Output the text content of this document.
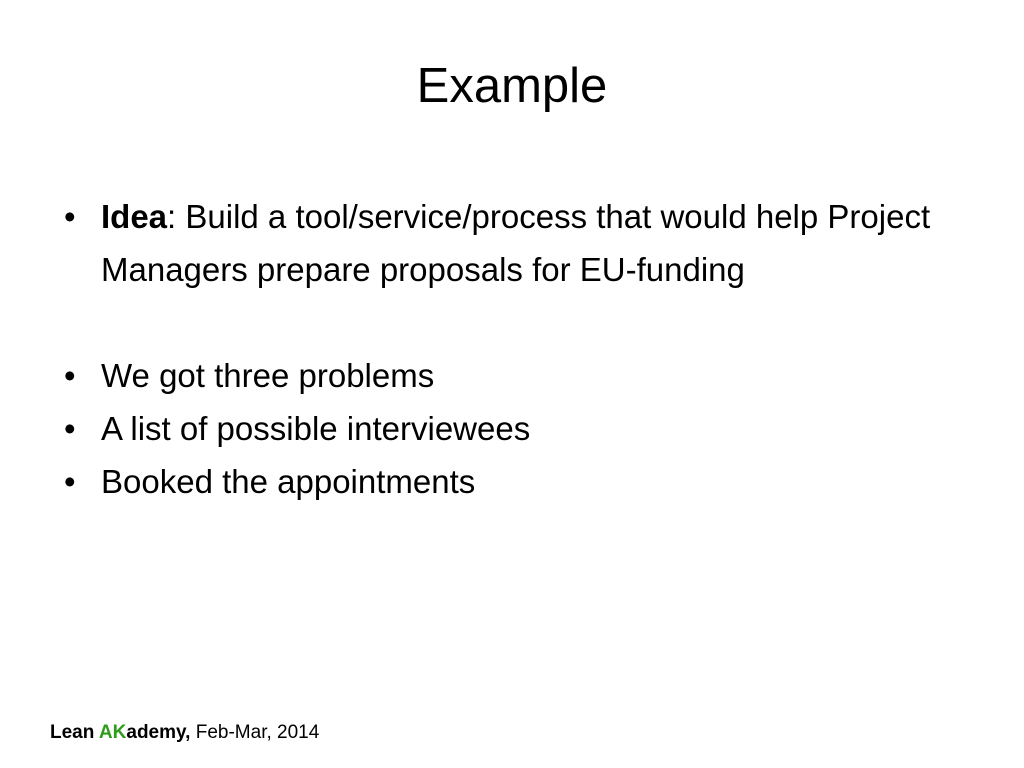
Example
• Idea: Build a tool/service/process that would help Project Managers prepare proposals for EU-funding
• We got three problems
• A list of possible interviewees
• Booked the appointments
Lean AKademy, Feb-Mar, 2014
